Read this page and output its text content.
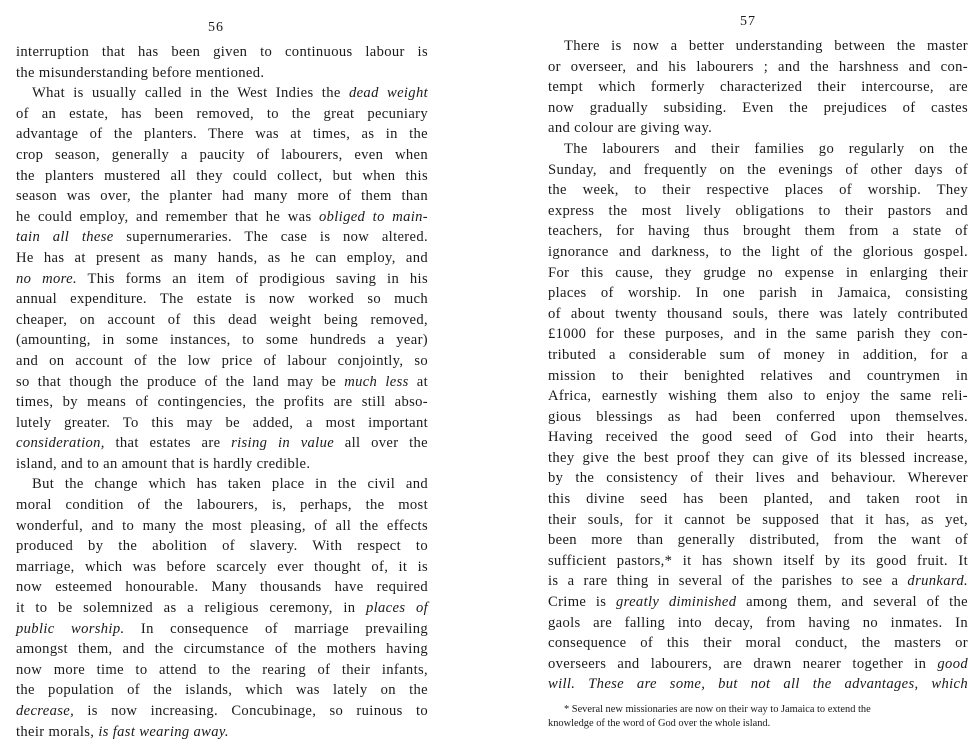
56
interruption that has been given to continuous labour is
the misunderstanding before mentioned.
What is usually called in the West Indies the dead weight
of an estate, has been removed, to the great pecuniary
advantage of the planters. There was at times, as in the
crop season, generally a paucity of labourers, even when
the planters mustered all they could collect, but when this
season was over, the planter had many more of them than
he could employ, and remember that he was obliged to main-
tain all these supernumeraries. The case is now altered.
He has at present as many hands, as he can employ, and
no more. This forms an item of prodigious saving in his
annual expenditure. The estate is now worked so much
cheaper, on account of this dead weight being removed,
(amounting, in some instances, to some hundreds a year)
and on account of the low price of labour conjointly, so
so that though the produce of the land may be much less at
times, by means of contingencies, the profits are still abso-
lutely greater. To this may be added, a most important
consideration, that estates are rising in value all over the
island, and to an amount that is hardly credible.
But the change which has taken place in the civil and
moral condition of the labourers, is, perhaps, the most
wonderful, and to many the most pleasing, of all the effects
produced by the abolition of slavery. With respect to
marriage, which was before scarcely ever thought of, it is
now esteemed honourable. Many thousands have required
it to be solemnized as a religious ceremony, in places of
public worship. In consequence of marriage prevailing
amongst them, and the circumstance of the mothers having
now more time to attend to the rearing of their infants,
the population of the islands, which was lately on the
decrease, is now increasing. Concubinage, so ruinous to
their morals, is fast wearing away.
57
There is now a better understanding between the master
or overseer, and his labourers ; and the harshness and con-
tempt which formerly characterized their intercourse, are
now gradually subsiding. Even the prejudices of castes
and colour are giving way.
The labourers and their families go regularly on the
Sunday, and frequently on the evenings of other days of
the week, to their respective places of worship. They
express the most lively obligations to their pastors and
teachers, for having thus brought them from a state of
ignorance and darkness, to the light of the glorious gospel.
For this cause, they grudge no expense in enlarging their
places of worship. In one parish in Jamaica, consisting
of about twenty thousand souls, there was lately contributed
£1000 for these purposes, and in the same parish they con-
tributed a considerable sum of money in addition, for a
mission to their benighted relatives and countrymen in
Africa, earnestly wishing them also to enjoy the same reli-
gious blessings as had been conferred upon themselves.
Having received the good seed of God into their hearts,
they give the best proof they can give of its blessed increase,
by the consistency of their lives and behaviour. Wherever
this divine seed has been planted, and taken root in
their souls, for it cannot be supposed that it has, as yet,
been more than generally distributed, from the want of
sufficient pastors,* it has shown itself by its good fruit. It
is a rare thing in several of the parishes to see a drunkard.
Crime is greatly diminished among them, and several of the
gaols are falling into decay, from having no inmates. In
consequence of this their moral conduct, the masters or
overseers and labourers, are drawn nearer together in good
will. These are some, but not all the advantages, which
* Several new missionaries are now on their way to Jamaica to extend the
knowledge of the word of God over the whole island.
